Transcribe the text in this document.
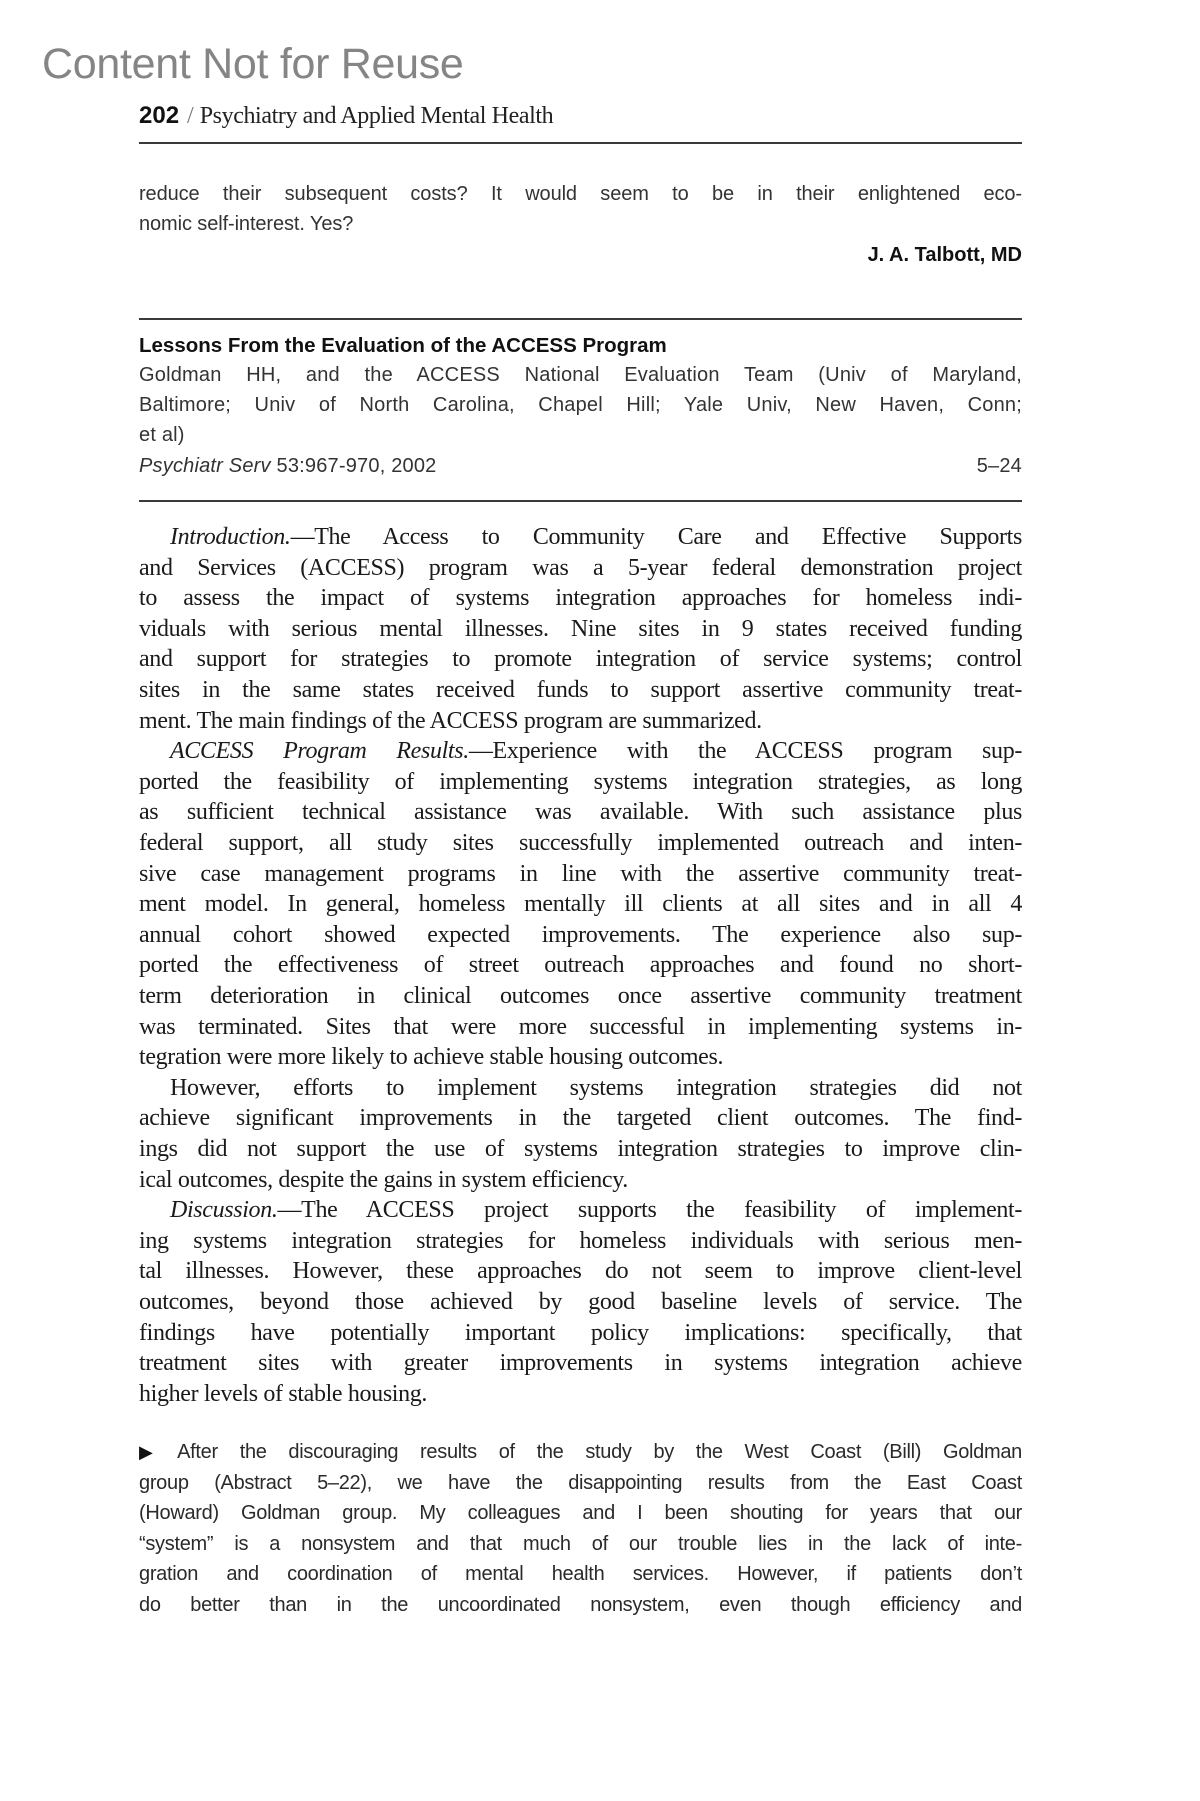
Content Not for Reuse
202 / Psychiatry and Applied Mental Health
reduce their subsequent costs? It would seem to be in their enlightened eco-
nomic self-interest. Yes?
J. A. Talbott, MD
Lessons From the Evaluation of the ACCESS Program
Goldman HH, and the ACCESS National Evaluation Team (Univ of Maryland,
Baltimore; Univ of North Carolina, Chapel Hill; Yale Univ, New Haven, Conn;
et al)
Psychiatr Serv 53:967-970, 2002	5–24
Introduction.—The Access to Community Care and Effective Supports
and Services (ACCESS) program was a 5-year federal demonstration project
to assess the impact of systems integration approaches for homeless indi-
viduals with serious mental illnesses. Nine sites in 9 states received funding
and support for strategies to promote integration of service systems; control
sites in the same states received funds to support assertive community treat-
ment. The main findings of the ACCESS program are summarized.
ACCESS Program Results.—Experience with the ACCESS program sup-
ported the feasibility of implementing systems integration strategies, as long
as sufficient technical assistance was available. With such assistance plus
federal support, all study sites successfully implemented outreach and inten-
sive case management programs in line with the assertive community treat-
ment model. In general, homeless mentally ill clients at all sites and in all 4
annual cohort showed expected improvements. The experience also sup-
ported the effectiveness of street outreach approaches and found no short-
term deterioration in clinical outcomes once assertive community treatment
was terminated. Sites that were more successful in implementing systems in-
tegration were more likely to achieve stable housing outcomes.
However, efforts to implement systems integration strategies did not
achieve significant improvements in the targeted client outcomes. The find-
ings did not support the use of systems integration strategies to improve clin-
ical outcomes, despite the gains in system efficiency.
Discussion.—The ACCESS project supports the feasibility of implement-
ing systems integration strategies for homeless individuals with serious men-
tal illnesses. However, these approaches do not seem to improve client-level
outcomes, beyond those achieved by good baseline levels of service. The
findings have potentially important policy implications: specifically, that
treatment sites with greater improvements in systems integration achieve
higher levels of stable housing.
▶ After the discouraging results of the study by the West Coast (Bill) Goldman
group (Abstract 5–22), we have the disappointing results from the East Coast
(Howard) Goldman group. My colleagues and I been shouting for years that our
“system” is a nonsystem and that much of our trouble lies in the lack of inte-
gration and coordination of mental health services. However, if patients don’t
do better than in the uncoordinated nonsystem, even though efficiency and
